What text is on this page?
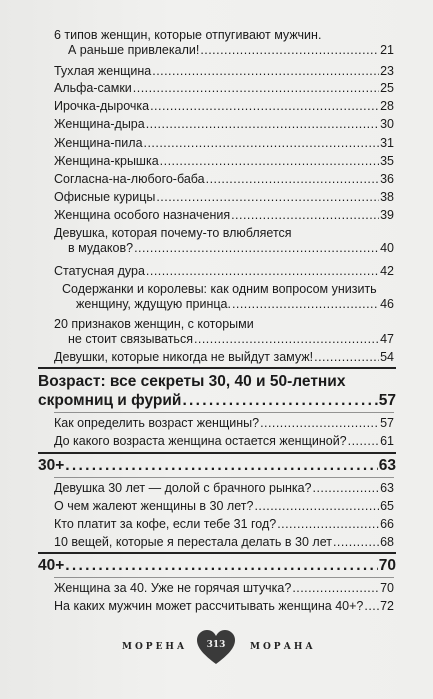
6 типов женщин, которые отпугивают мужчин.
А раньше привлекали! . . .	21
Тухлая женщина . . .	23
Альфа-самки . . .	25
Ирочка-дырочка . . .	28
Женщина-дыра . . .	30
Женщина-пила . . .	31
Женщина-крышка . . .	35
Согласна-на-любого-баба . . .	36
Офисные курицы . . .	38
Женщина особого назначения . . .	39
Девушка, которая почему-то влюбляется
в мудаков? . . .	40
Статусная дура . . .	42
Содержанки и королевы: как одним вопросом унизить
женщину, ждущую принца. . . .	46
20 признаков женщин, с которыми
не стоит связываться . . .	47
Девушки, которые никогда не выйдут замуж! . . .	54
Возраст: все секреты 30, 40 и 50-летних
скромниц и фурий . . .	57
Как определить возраст женщины? . . .	57
До какого возраста женщина остается женщиной? . . .	61
30+ . . .	63
Девушка 30 лет — долой с брачного рынка? . . .	63
О чем жалеют женщины в 30 лет? . . .	65
Кто платит за кофе, если тебе 31 год? . . .	66
10 вещей, которые я перестала делать в 30 лет . . .	68
40+ . . .	70
Женщина за 40. Уже не горячая штучка? . . .	70
На каких мужчин может рассчитывать женщина 40+? . . . 72
МОРЕНА	313	МОРАНА
